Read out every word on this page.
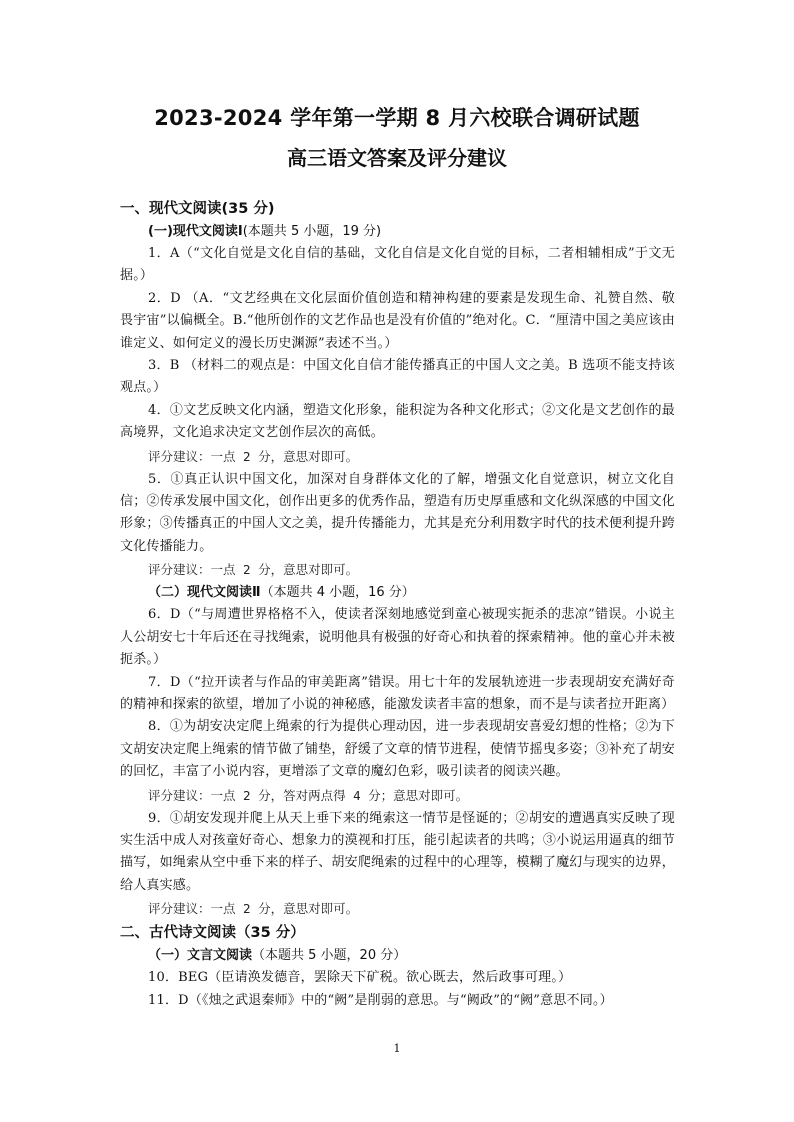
2023-2024 学年第一学期 8 月六校联合调研试题
高三语文答案及评分建议

一、现代文阅读(35 分)

(一)现代文阅读Ⅰ(本题共 5 小题，19 分)

1．A（“文化自觉是文化自信的基础，文化自信是文化自觉的目标，二者相辅相成”于文无据。）

2．D （A．“文艺经典在文化层面价值创造和精神构建的要素是发现生命、礼赞自然、敬畏宇宙”以偏概全。B.“他所创作的文艺作品也是没有价值的”绝对化。C．“厘清中国之美应该由谁定义、如何定义的漫长历史渊源”表述不当。）

3．B （材料二的观点是：中国文化自信才能传播真正的中国人文之美。B 选项不能支持该观点。）

4．①文艺反映文化内涵，塑造文化形象，能积淀为各种文化形式；②文化是文艺创作的最高境界，文化追求决定文艺创作层次的高低。

评分建议：一点 2 分，意思对即可。

5．①真正认识中国文化，加深对自身群体文化的了解，增强文化自觉意识，树立文化自信；②传承发展中国文化，创作出更多的优秀作品，塑造有历史厚重感和文化纵深感的中国文化形象；③传播真正的中国人文之美，提升传播能力，尤其是充分利用数字时代的技术便利提升跨文化传播能力。

评分建议：一点 2 分，意思对即可。

（二）现代文阅读Ⅱ（本题共 4 小题，16 分）

6．D（“与周遭世界格格不入，使读者深刻地感觉到童心被现实扼杀的悲凉”错误。小说主人公胡安七十年后还在寻找绳索，说明他具有极强的好奇心和执着的探索精神。他的童心并未被扼杀。）

7．D（“拉开读者与作品的审美距离”错误。用七十年的发展轨迹进一步表现胡安充满好奇的精神和探索的欲望，增加了小说的神秘感，能激发读者丰富的想象，而不是与读者拉开距离）

8．①为胡安决定爬上绳索的行为提供心理动因，进一步表现胡安喜爱幻想的性格；②为下文胡安决定爬上绳索的情节做了铺垫，舒缓了文章的情节进程，使情节摇曳多姿；③补充了胡安的回忆，丰富了小说内容，更增添了文章的魔幻色彩，吸引读者的阅读兴趣。

评分建议：一点 2 分，答对两点得 4 分；意思对即可。

9．①胡安发现并爬上从天上垂下来的绳索这一情节是怪诞的；②胡安的遭遇真实反映了现实生活中成人对孩童好奇心、想象力的漠视和打压，能引起读者的共鸣；③小说运用逼真的细节描写，如绳索从空中垂下来的样子、胡安爬绳索的过程中的心理等，模糊了魔幻与现实的边界，给人真实感。

评分建议：一点 2 分，意思对即可。

二、古代诗文阅读（35 分）

（一）文言文阅读（本题共 5 小题，20 分）

10．BEG（臣请涣发德音，罢除天下矿税。欲心既去，然后政事可理。）

11．D（《烛之武退秦师》中的“阙”是削弱的意思。与“阙政”的“阙”意思不同。）

1
